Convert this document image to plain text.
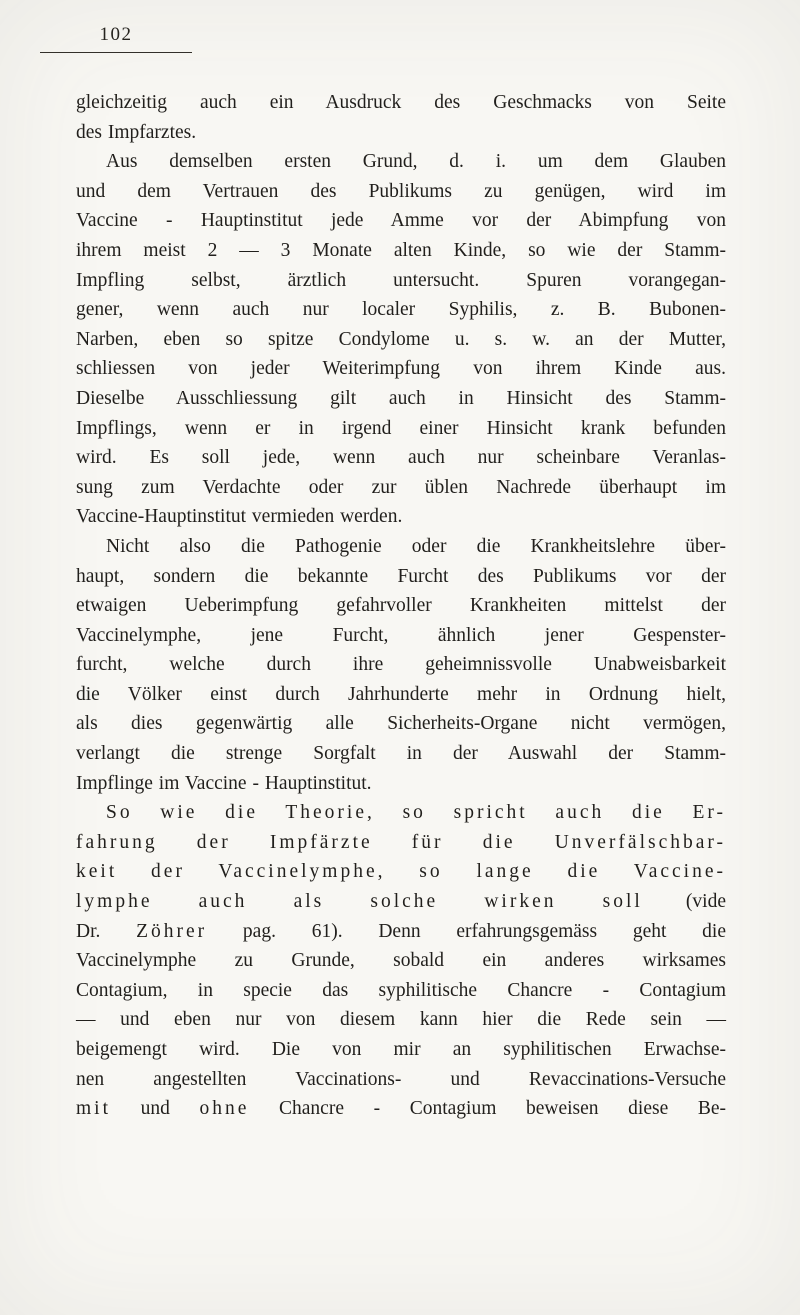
102
gleichzeitig auch ein Ausdruck des Geschmacks von Seite
des Impfarztes.
Aus demselben ersten Grund, d. i. um dem Glauben
und dem Vertrauen des Publikums zu genügen, wird im
Vaccine - Hauptinstitut jede Amme vor der Abimpfung von
ihrem meist 2 — 3 Monate alten Kinde, so wie der Stamm-
Impfling selbst, ärztlich untersucht. Spuren vorangegan-
gener, wenn auch nur localer Syphilis, z. B. Bubonen-
Narben, eben so spitze Condylome u. s. w. an der Mutter,
schliessen von jeder Weiterimpfung von ihrem Kinde aus.
Dieselbe Ausschliessung gilt auch in Hinsicht des Stamm-
Impflings, wenn er in irgend einer Hinsicht krank befunden
wird. Es soll jede, wenn auch nur scheinbare Veranlas-
sung zum Verdachte oder zur üblen Nachrede überhaupt im
Vaccine-Hauptinstitut vermieden werden.
Nicht also die Pathogenie oder die Krankheitslehre über-
haupt, sondern die bekannte Furcht des Publikums vor der
etwaigen Ueberimpfung gefahrvoller Krankheiten mittelst der
Vaccinelymphe, jene Furcht, ähnlich jener Gespenster-
furcht, welche durch ihre geheimnissvolle Unabweisbarkeit
die Völker einst durch Jahrhunderte mehr in Ordnung hielt,
als dies gegenwärtig alle Sicherheits-Organe nicht vermögen,
verlangt die strenge Sorgfalt in der Auswahl der Stamm-
Impflinge im Vaccine - Hauptinstitut.
So wie die Theorie, so spricht auch die Er-
fahrung der Impfärzte für die Unverfälschbar-
keit der Vaccinelymphe, so lange die Vaccine-
lymphe auch als solche wirken soll (vide
Dr. Zöhrer pag. 61). Denn erfahrungsgemäss geht die
Vaccinelymphe zu Grunde, sobald ein anderes wirksames
Contagium, in specie das syphilitische Chancre - Contagium
— und eben nur von diesem kann hier die Rede sein —
beigemengt wird. Die von mir an syphilitischen Erwachse-
nen angestellten Vaccinations- und Revaccinations-Versuche
mit und ohne Chancre - Contagium beweisen diese Be-
